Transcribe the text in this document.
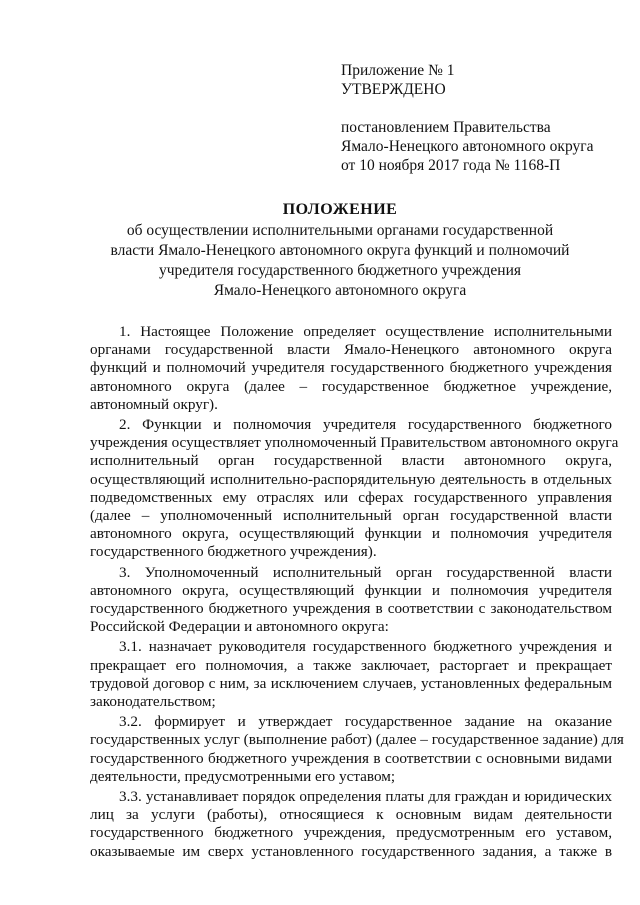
Приложение № 1
УТВЕРЖДЕНО
постановлением Правительства
Ямало-Ненецкого автономного округа
от 10 ноября 2017 года № 1168-П
ПОЛОЖЕНИЕ
об осуществлении исполнительными органами государственной
власти Ямало-Ненецкого автономного округа функций и полномочий
учредителя государственного бюджетного учреждения
Ямало-Ненецкого автономного округа
1. Настоящее Положение определяет осуществление исполнительными
органами государственной власти Ямало-Ненецкого автономного округа
функций и полномочий учредителя государственного бюджетного учреждения
автономного округа (далее – государственное бюджетное учреждение,
автономный округ).
2. Функции и полномочия учредителя государственного бюджетного
учреждения осуществляет уполномоченный Правительством автономного округа
исполнительный орган государственной власти автономного округа,
осуществляющий исполнительно-распорядительную деятельность в отдельных
подведомственных ему отраслях или сферах государственного управления
(далее – уполномоченный исполнительный орган государственной власти
автономного округа, осуществляющий функции и полномочия учредителя
государственного бюджетного учреждения).
3. Уполномоченный исполнительный орган государственной власти
автономного округа, осуществляющий функции и полномочия учредителя
государственного бюджетного учреждения в соответствии с законодательством
Российской Федерации и автономного округа:
3.1. назначает руководителя государственного бюджетного учреждения и
прекращает его полномочия, а также заключает, расторгает и прекращает
трудовой договор с ним, за исключением случаев, установленных федеральным
законодательством;
3.2. формирует и утверждает государственное задание на оказание
государственных услуг (выполнение работ) (далее – государственное задание) для
государственного бюджетного учреждения в соответствии с основными видами
деятельности, предусмотренными его уставом;
3.3. устанавливает порядок определения платы для граждан и юридических
лиц за услуги (работы), относящиеся к основным видам деятельности
государственного бюджетного учреждения, предусмотренным его уставом,
оказываемые им сверх установленного государственного задания, а также в
